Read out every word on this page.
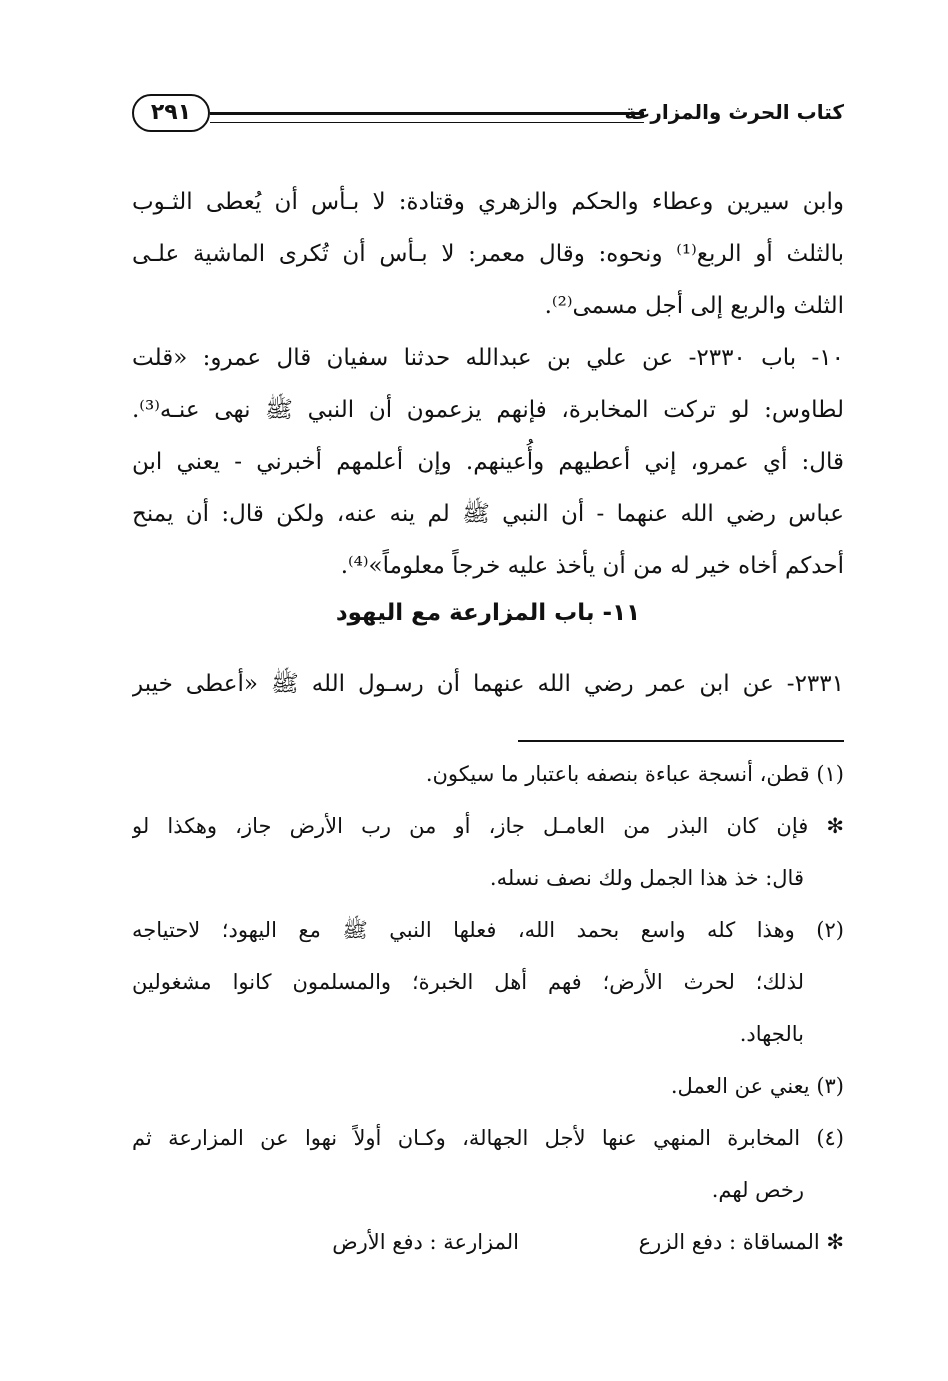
كتاب الحرث والمزارعة
٢٩١
وابن سيرين وعطاء والحكم والزهري وقتادة: لا بـأس أن يُعطى الثـوب
بالثلث أو الربع⁽¹⁾ ونحوه: وقال معمر: لا بـأس أن تُكرى الماشية علـى
الثلث والربع إلى أجل مسمى⁽²⁾.
١٠- باب ٢٣٣٠- عن علي بن عبدالله حدثنا سفيان قال عمرو: «قلت
لطاوس: لو تركت المخابرة، فإنهم يزعمون أن النبي ﷺ نهى عنـه⁽³⁾.
قال: أي عمرو، إني أعطيهم وأُعينهم. وإن أعلمهم أخبرني - يعني ابن
عباس رضي الله عنهما - أن النبي ﷺ لم ينه عنه، ولكن قال: أن يمنح
أحدكم أخاه خير له من أن يأخذ عليه خرجاً معلوماً»⁽⁴⁾.
١١- باب المزارعة مع اليهود
٢٣٣١- عن ابن عمر رضي الله عنهما أن رسـول الله ﷺ «أعطى خيبر
(١) قطن، أنسجة عباءة بنصفه باعتبار ما سيكون.
✻ فإن كان البذر من العامـل جاز، أو من رب الأرض جاز، وهكذا لو
قال: خذ هذا الجمل ولك نصف نسله.
(٢) وهذا كله واسع بحمد الله، فعلها النبي ﷺ مع اليهود؛ لاحتياجه
لذلك؛ لحرث الأرض؛ فهم أهل الخبرة؛ والمسلمون كانوا مشغولين
بالجهاد.
(٣) يعني عن العمل.
(٤) المخابرة المنهي عنها لأجل الجهالة، وكـان أولاً نهوا عن المزارعة ثم
رخص لهم.
✻ المساقاة : دفع الزرع
المزارعة : دفع الأرض
